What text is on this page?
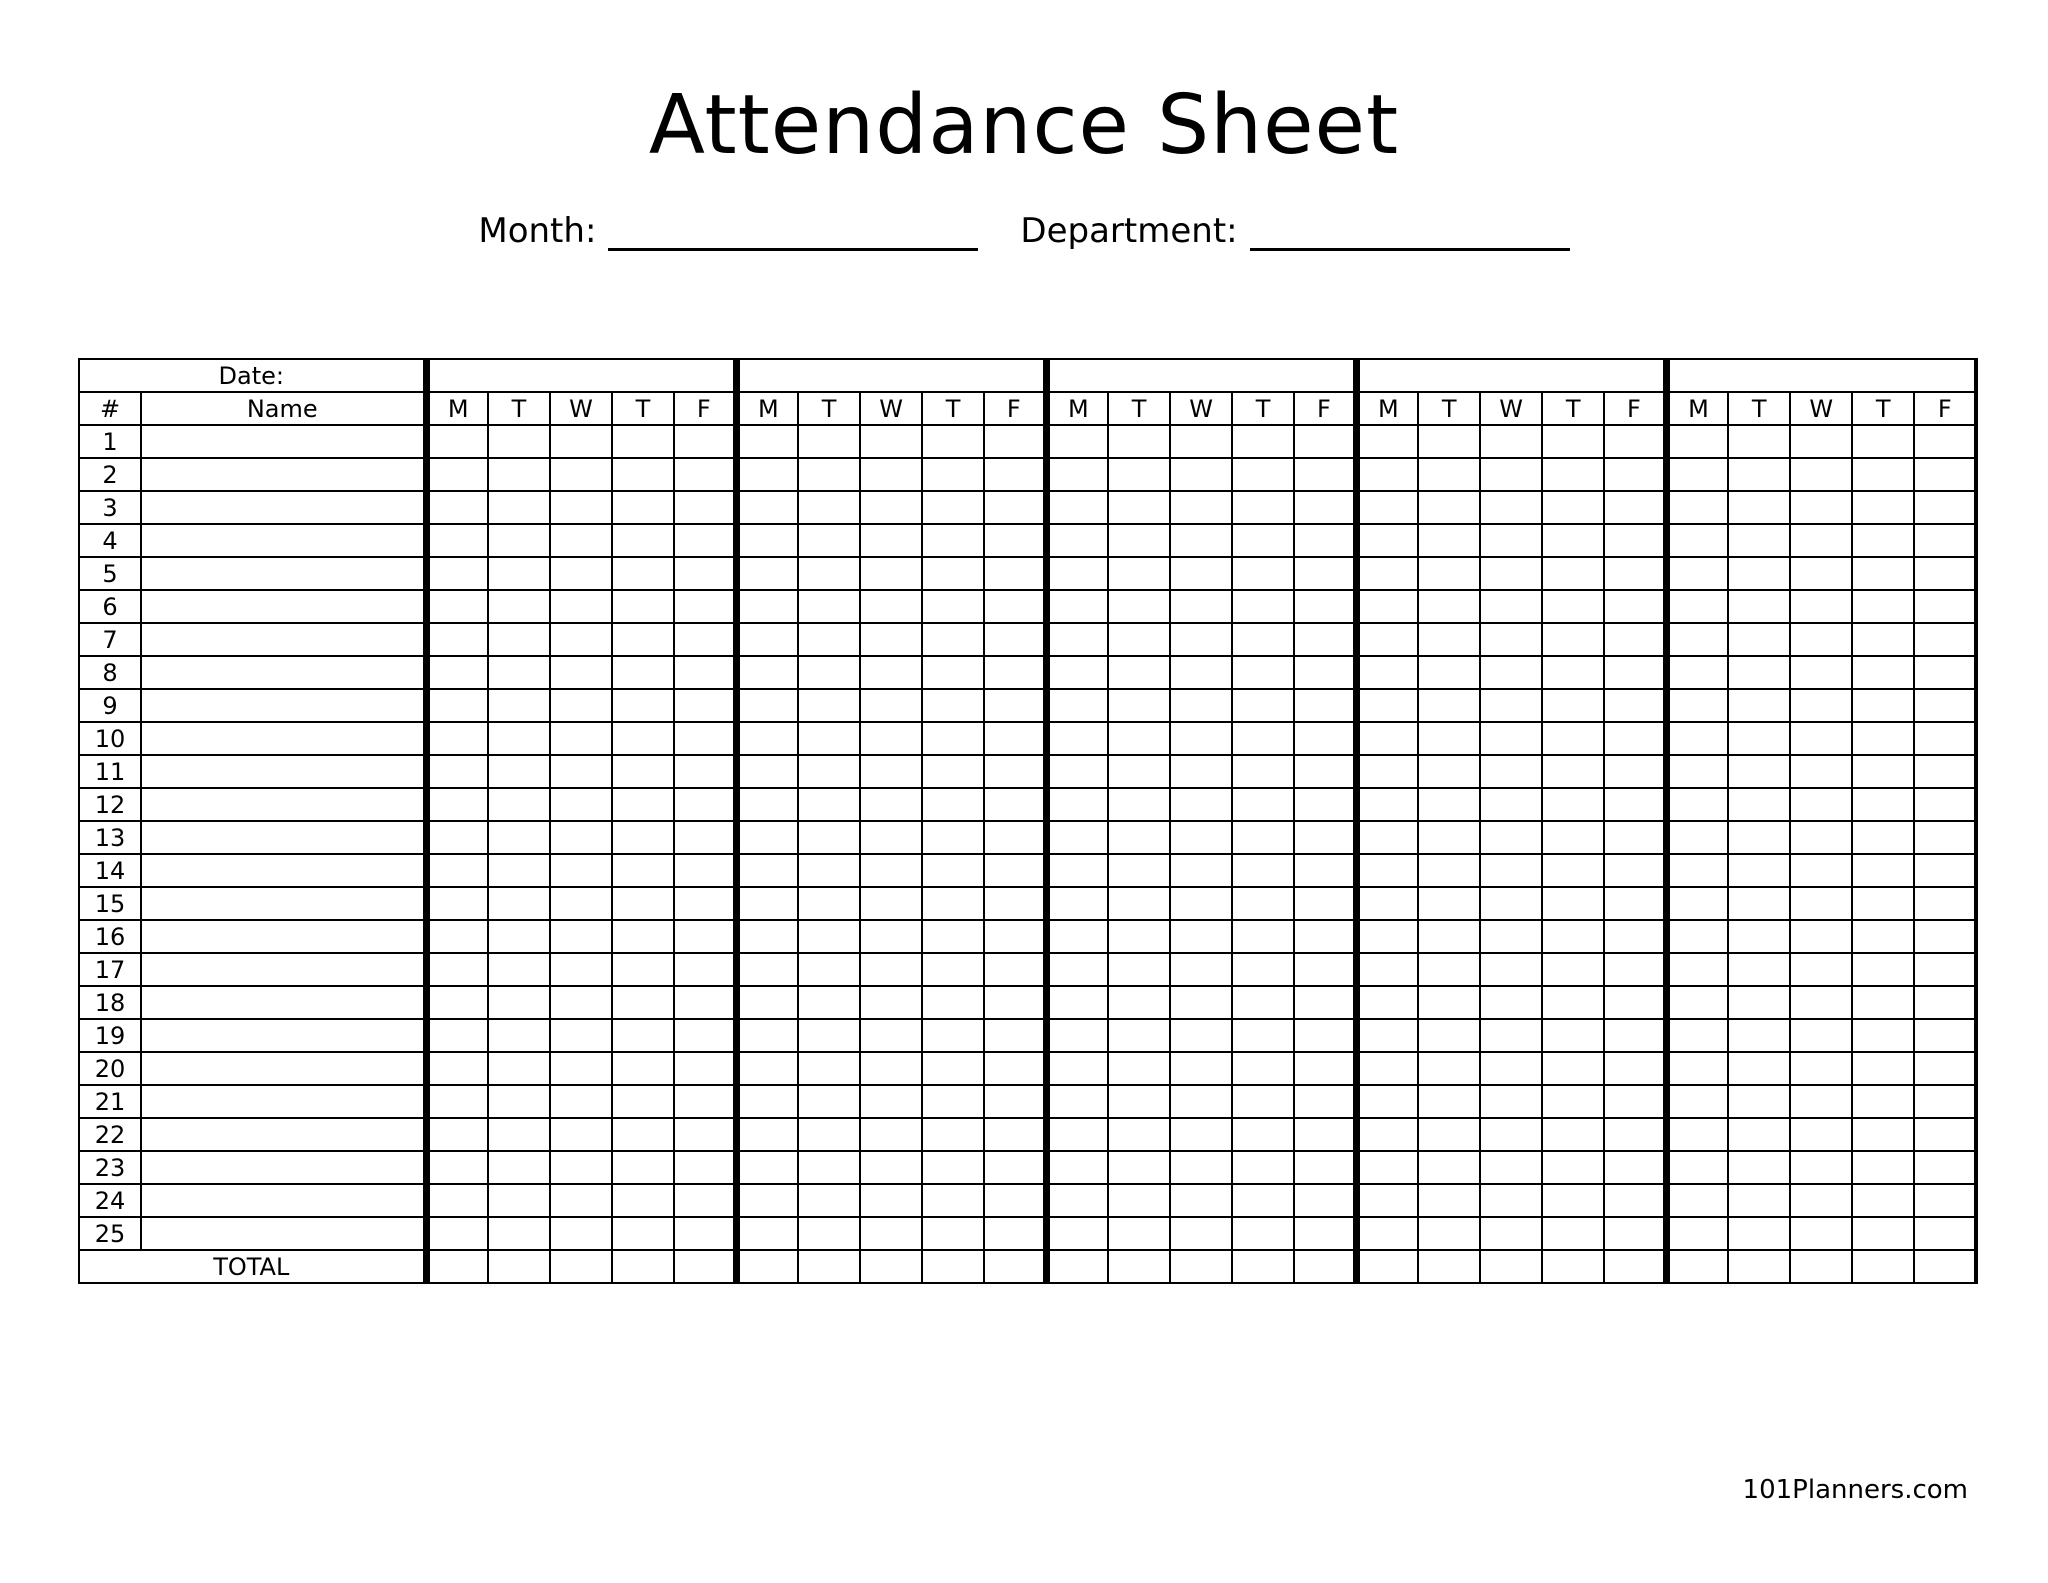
Attendance Sheet
Month:	Department:
Date:																										
#	Name	M	T	W	T	F	M	T	W	T	F	M	T	W	T	F	M	T	W	T	F	M	T	W	T	F
1																										
2																										
3																										
4																										
5																										
6																										
7																										
8																										
9																										
10																										
11																										
12																										
13																										
14																										
15																										
16																										
17																										
18																										
19																										
20																										
21																										
22																										
23																										
24																										
25																										
TOTAL																										
101Planners.com
